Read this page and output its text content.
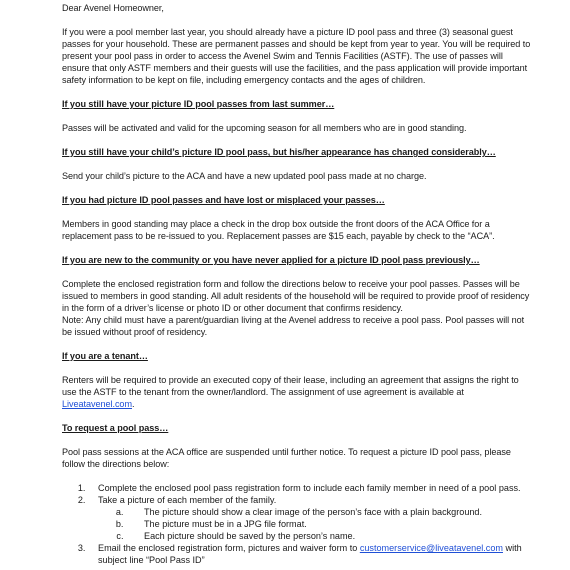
Dear Avenel Homeowner,

If you were a pool member last year, you should already have a picture ID pool pass and three (3) seasonal guest passes for your household. These are permanent passes and should be kept from year to year. You will be required to present your pool pass in order to access the Avenel Swim and Tennis Facilities (ASTF). The use of passes will ensure that only ASTF members and their guests will use the facilities, and the pass application will provide important safety information to be kept on file, including emergency contacts and the ages of children.

If you still have your picture ID pool passes from last summer…

Passes will be activated and valid for the upcoming season for all members who are in good standing.

If you still have your child’s picture ID pool pass, but his/her appearance has changed considerably…

Send your child’s picture to the ACA and have a new updated pool pass made at no charge.

If you had picture ID pool passes and have lost or misplaced your passes…

Members in good standing may place a check in the drop box outside the front doors of the ACA Office for a replacement pass to be re-issued to you. Replacement passes are $15 each, payable by check to the “ACA”.

If you are new to the community or you have never applied for a picture ID pool pass previously…

Complete the enclosed registration form and follow the directions below to receive your pool passes. Passes will be issued to members in good standing. All adult residents of the household will be required to provide proof of residency in the form of a driver’s license or photo ID or other document that confirms residency.

Note: Any child must have a parent/guardian living at the Avenel address to receive a pool pass. Pool passes will not be issued without proof of residency.

If you are a tenant…

Renters will be required to provide an executed copy of their lease, including an agreement that assigns the right to use the ASTF to the tenant from the owner/landlord. The assignment of use agreement is available at Liveatavenel.com.

To request a pool pass…

Pool pass sessions at the ACA office are suspended until further notice. To request a picture ID pool pass, please follow the directions below:

1. Complete the enclosed pool pass registration form to include each family member in need of a pool pass.
2. Take a picture of each member of the family.
a. The picture should show a clear image of the person’s face with a plain background.
b. The picture must be in a JPG file format.
c. Each picture should be saved by the person’s name.
3. Email the enclosed registration form, pictures and waiver form to customerservice@liveatavenel.com with subject line “Pool Pass ID”
